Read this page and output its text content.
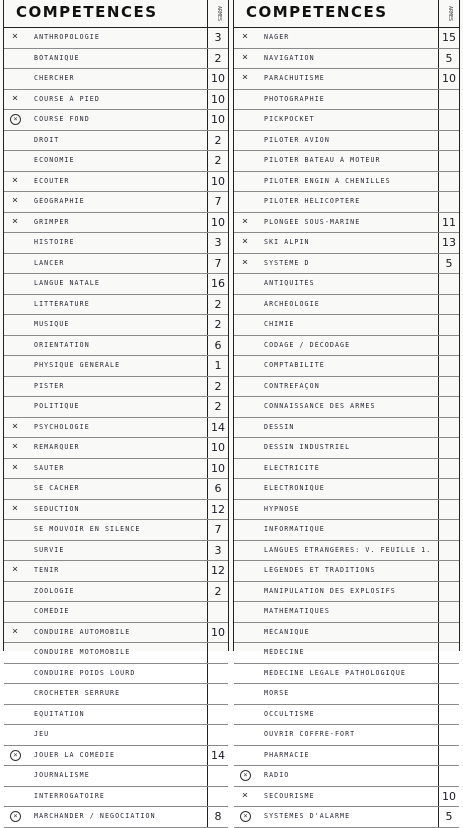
COMPETENCES	ARMES
×	ANTHROPOLOGIE	3
BOTANIQUE	2
CHERCHER	10
×	COURSE À PIED	10
×	COURSE FOND	10
DROIT	2
ECONOMIE	2
×	ECOUTER	10
×	GÉOGRAPHIE	7
×	GRIMPER	10
HISTOIRE	3
LANCER	7
LANGUE NATALE	16
LITTÉRATURE	2
MUSIQUE	2
ORIENTATION	6
PHYSIQUE GÉNÉRALE	1
PISTER	2
POLITIQUE	2
×	PSYCHOLOGIE	14
×	REMARQUER	10
×	SAUTER	10
SE CACHER	6
×	SÉDUCTION	12
SE MOUVOIR EN SILENCE	7
SURVIE	3
×	TENIR	12
ZOOLOGIE	2
COMÉDIE
×	CONDUIRE AUTOMOBILE	10
CONDUIRE MOTOMOBILE
CONDUIRE POIDS LOURD
CROCHETER SERRURE
EQUITATION
JEU
×	JOUER LA COMÉDIE	14
JOURNALISME
INTERROGATOIRE
×	MARCHANDER / NÉGOCIATION	8
COMPETENCES	ARMES
×	NAGER	15
×	NAVIGATION	5
×	PARACHUTISME	10
PHOTOGRAPHIE
PICKPOCKET
PILOTER AVION
PILOTER BATEAU À MOTEUR
PILOTER ENGIN À CHENILLES
PILOTER HÉLICOPTÈRE
×	PLONGÉE SOUS-MARINE	11
×	SKI ALPIN	13
×	SYSTÈME D	5
ANTIQUITÉS
ARCHÉOLOGIE
CHIMIE
CODAGE / DÉCODAGE
COMPTABILITÉ
CONTREFAÇON
CONNAISSANCE DES ARMES
DESSIN
DESSIN INDUSTRIEL
ELECTRICITÉ
ELECTRONIQUE
HYPNOSE
INFORMATIQUE
LANGUES ÉTRANGÈRES: V. FEUILLE 1.
LÉGENDES ET TRADITIONS
MANIPULATION DES EXPLOSIFS
MATHÉMATIQUES
MÉCANIQUE
MÉDECINE
MÉDECINE LÉGALE PATHOLOGIQUE
MORSE
OCCULTISME
OUVRIR COFFRE-FORT
PHARMACIE
×	RADIO
×	SECOURISME	10
×	SYSTÈMES D'ALARME	5
